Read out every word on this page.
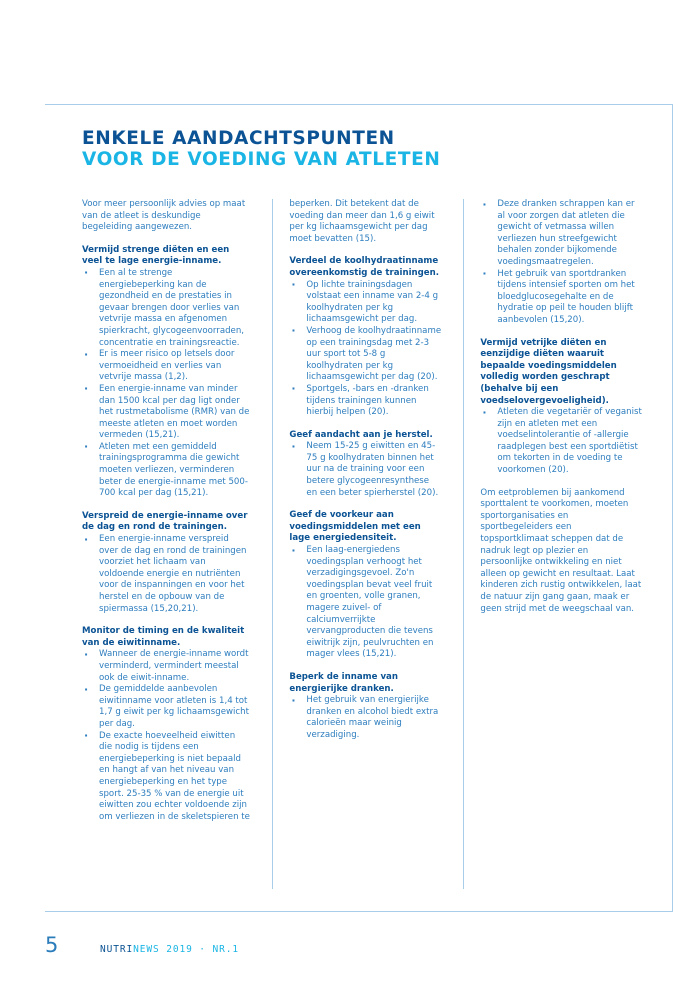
ENKELE AANDACHTSPUNTEN
VOOR DE VOEDING VAN ATLETEN

Voor meer persoonlijk advies op maat van de atleet is deskundige begeleiding aangewezen.

Vermijd strenge diëten en een veel te lage energie-inname.
· Een al te strenge energiebeperking kan de gezondheid en de prestaties in gevaar brengen door verlies van vetvrije massa en afgenomen spierkracht, glycogeenvoorraden, concentratie en trainingsreactie.
· Er is meer risico op letsels door vermoeidheid en verlies van vetvrije massa (1,2).
· Een energie-inname van minder dan 1500 kcal per dag ligt onder het rustmetabolisme (RMR) van de meeste atleten en moet worden vermeden (15,21).
· Atleten met een gemiddeld trainingsprogramma die gewicht moeten verliezen, verminderen beter de energie-inname met 500-700 kcal per dag (15,21).
Verspreid de energie-inname over de dag en rond de trainingen.
· Een energie-inname verspreid over de dag en rond de trainingen voorziet het lichaam van voldoende energie en nutriënten voor de inspanningen en voor het herstel en de opbouw van de spiermassa (15,20,21).
Monitor de timing en de kwaliteit van de eiwitinname.
· Wanneer de energie-inname wordt verminderd, vermindert meestal ook de eiwit-inname.
· De gemiddelde aanbevolen eiwitinname voor atleten is 1,4 tot 1,7 g eiwit per kg lichaamsgewicht per dag.
· De exacte hoeveelheid eiwitten die nodig is tijdens een energiebeperking is niet bepaald en hangt af van het niveau van energiebeperking en het type sport. 25-35 % van de energie uit eiwitten zou echter voldoende zijn om verliezen in de skeletspieren te

beperken. Dit betekent dat de voeding dan meer dan 1,6 g eiwit per kg lichaamsgewicht per dag moet bevatten (15).

Verdeel de koolhydraatinname overeenkomstig de trainingen.
· Op lichte trainingsdagen volstaat een inname van 2-4 g koolhydraten per kg lichaamsgewicht per dag.
· Verhoog de koolhydraatinname op een trainingsdag met 2-3 uur sport tot 5-8 g koolhydraten per kg lichaamsgewicht per dag (20).
· Sportgels, -bars en -dranken tijdens trainingen kunnen hierbij helpen (20).
Geef aandacht aan je herstel.
· Neem 15-25 g eiwitten en 45-75 g koolhydraten binnen het uur na de training voor een betere glycogeenresynthese en een beter spierherstel (20).
Geef de voorkeur aan voedingsmiddelen met een lage energiedensiteit.
· Een laag-energiedens voedingsplan verhoogt het verzadigingsgevoel. Zo'n voedingsplan bevat veel fruit en groenten, volle granen, magere zuivel- of calciumverrijkte vervangproducten die tevens eiwitrijk zijn, peulvruchten en mager vlees (15,21).
Beperk de inname van energierijke dranken.
· Het gebruik van energierijke dranken en alcohol biedt extra calorieën maar weinig verzadiging.
· Deze dranken schrappen kan er al voor zorgen dat atleten die gewicht of vetmassa willen verliezen hun streefgewicht behalen zonder bijkomende voedingsmaatregelen.
· Het gebruik van sportdranken tijdens intensief sporten om het bloedglucosegehalte en de hydratie op peil te houden blijft aanbevolen (15,20).
Vermijd vetrijke diëten en eenzijdige diëten waaruit bepaalde voedingsmiddelen volledig worden geschrapt (behalve bij een voedselovergevoeligheid).
· Atleten die vegetariër of veganist zijn en atleten met een voedselintolerantie of -allergie raadplegen best een sportdiëtist om tekorten in de voeding te voorkomen (20).

Om eetproblemen bij aankomend sporttalent te voorkomen, moeten sportorganisaties en sportbegeleiders een topsportklimaat scheppen dat de nadruk legt op plezier en persoonlijke ontwikkeling en niet alleen op gewicht en resultaat. Laat kinderen zich rustig ontwikkelen, laat de natuur zijn gang gaan, maak er geen strijd met de weegschaal van.

5	NUTRINEWS 2019 · NR.1
